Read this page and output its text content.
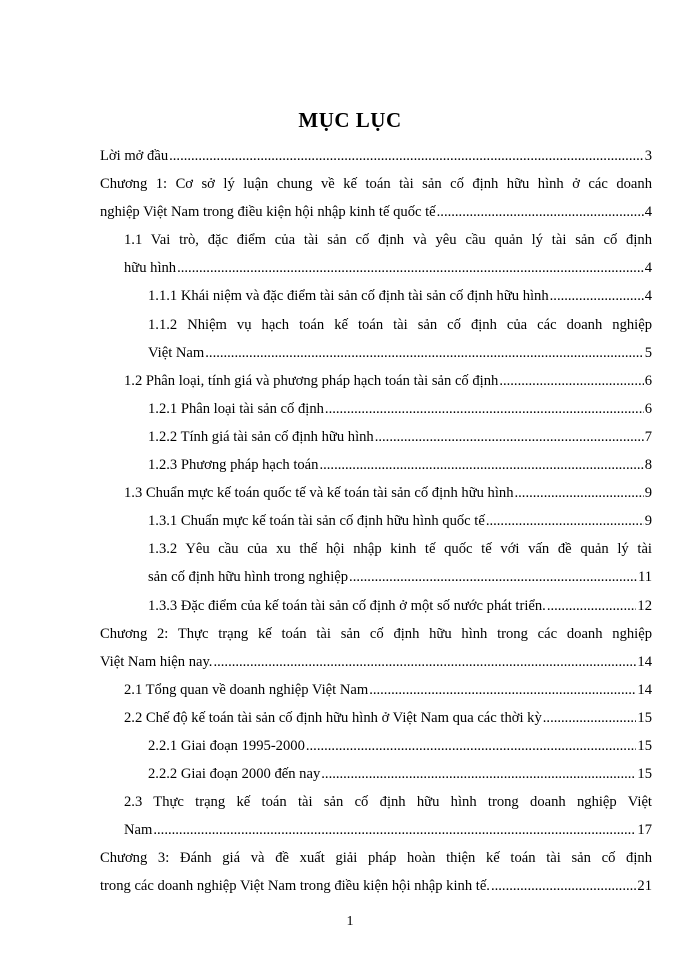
MỤC LỤC
Lời mở đầu .....	3
Chương 1: Cơ sở lý luận chung về kế toán tài sản cố định hữu hình ở các doanh
nghiệp Việt Nam trong điều kiện hội nhập kinh tế quốc tế .....	4
1.1 Vai trò, đặc điểm của tài sản cố định và yêu cầu quản lý tài sản cố định
hữu hình .....	4
1.1.1 Khái niệm và đặc điểm tài sản cố định tài sản cố định hữu hình .....	4
1.1.2 Nhiệm vụ hạch toán kế toán tài sản cố định của các doanh nghiệp
Việt Nam .....	5
1.2 Phân loại, tính giá và phương pháp hạch toán tài sản cố định .....	6
1.2.1 Phân loại tài sản cố định .....	6
1.2.2 Tính giá tài sản cố định hữu hình .....	7
1.2.3 Phương pháp hạch toán .....	8
1.3 Chuẩn mực kế toán quốc tế và kế toán tài sản cố định hữu hình .....	9
1.3.1 Chuẩn mực kế toán tài sản cố định hữu hình quốc tế .....	9
1.3.2 Yêu cầu của xu thế hội nhập kinh tế quốc tế với vấn đề quản lý tài
sản cố định hữu hình trong nghiệp .....	11
1.3.3 Đặc điểm của kế toán tài sản cố định ở một số nước phát triển. .....	12
Chương 2: Thực trạng kế toán tài sản cố định hữu hình trong các doanh nghiệp
Việt Nam hiện nay. .....	14
2.1 Tổng quan về doanh nghiệp Việt Nam .....	14
2.2 Chế độ kế toán tài sản cố định hữu hình ở Việt Nam qua các thời kỳ .....	15
2.2.1 Giai đoạn 1995-2000 .....	15
2.2.2 Giai đoạn 2000 đến nay .....	15
2.3 Thực trạng kế toán tài sản cố định hữu hình trong doanh nghiệp Việt
Nam .....	17
Chương 3: Đánh giá và đề xuất giải pháp hoàn thiện kế toán tài sản cố định
trong các doanh nghiệp Việt Nam trong điều kiện hội nhập kinh tế. .....	21
1
